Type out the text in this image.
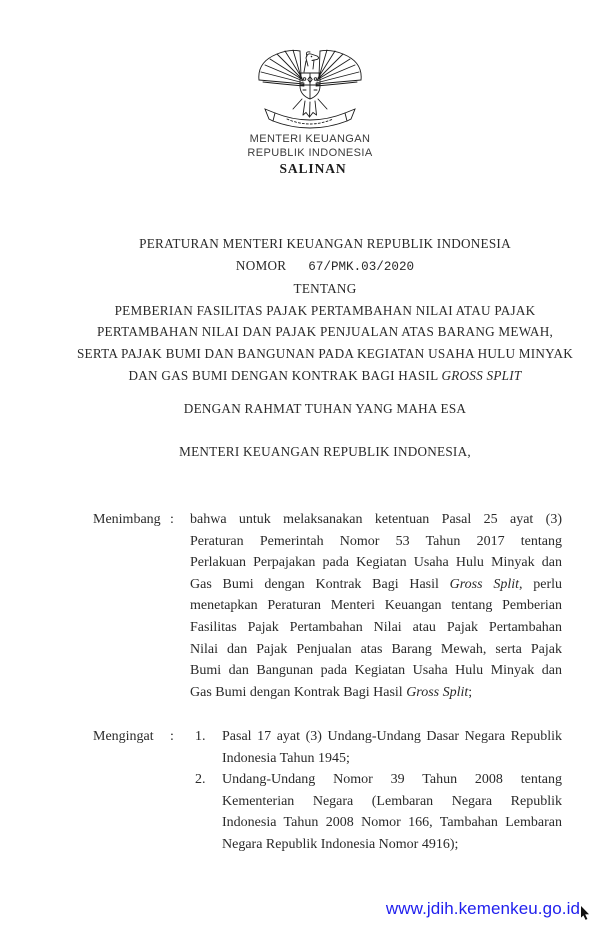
MENTERI KEUANGAN
REPUBLIK INDONESIA
SALINAN
PERATURAN MENTERI KEUANGAN REPUBLIK INDONESIA
NOMOR 67/PMK.03/2020
TENTANG
PEMBERIAN FASILITAS PAJAK PERTAMBAHAN NILAI ATAU PAJAK
PERTAMBAHAN NILAI DAN PAJAK PENJUALAN ATAS BARANG MEWAH,
SERTA PAJAK BUMI DAN BANGUNAN PADA KEGIATAN USAHA HULU MINYAK
DAN GAS BUMI DENGAN KONTRAK BAGI HASIL GROSS SPLIT
DENGAN RAHMAT TUHAN YANG MAHA ESA
MENTERI KEUANGAN REPUBLIK INDONESIA,
Menimbang :	bahwa untuk melaksanakan ketentuan Pasal 25 ayat (3)
Peraturan Pemerintah Nomor 53 Tahun 2017 tentang
Perlakuan Perpajakan pada Kegiatan Usaha Hulu Minyak dan
Gas Bumi dengan Kontrak Bagi Hasil Gross Split, perlu
menetapkan Peraturan Menteri Keuangan tentang Pemberian
Fasilitas Pajak Pertambahan Nilai atau Pajak Pertambahan
Nilai dan Pajak Penjualan atas Barang Mewah, serta Pajak
Bumi dan Bangunan pada Kegiatan Usaha Hulu Minyak dan
Gas Bumi dengan Kontrak Bagi Hasil Gross Split;
Mengingat	:	1.	Pasal 17 ayat (3) Undang-Undang Dasar Negara Republik
Indonesia Tahun 1945;
2.	Undang-Undang Nomor 39 Tahun 2008 tentang
Kementerian Negara (Lembaran Negara Republik
Indonesia Tahun 2008 Nomor 166, Tambahan Lembaran
Negara Republik Indonesia Nomor 4916);
www.jdih.kemenkeu.go.id
